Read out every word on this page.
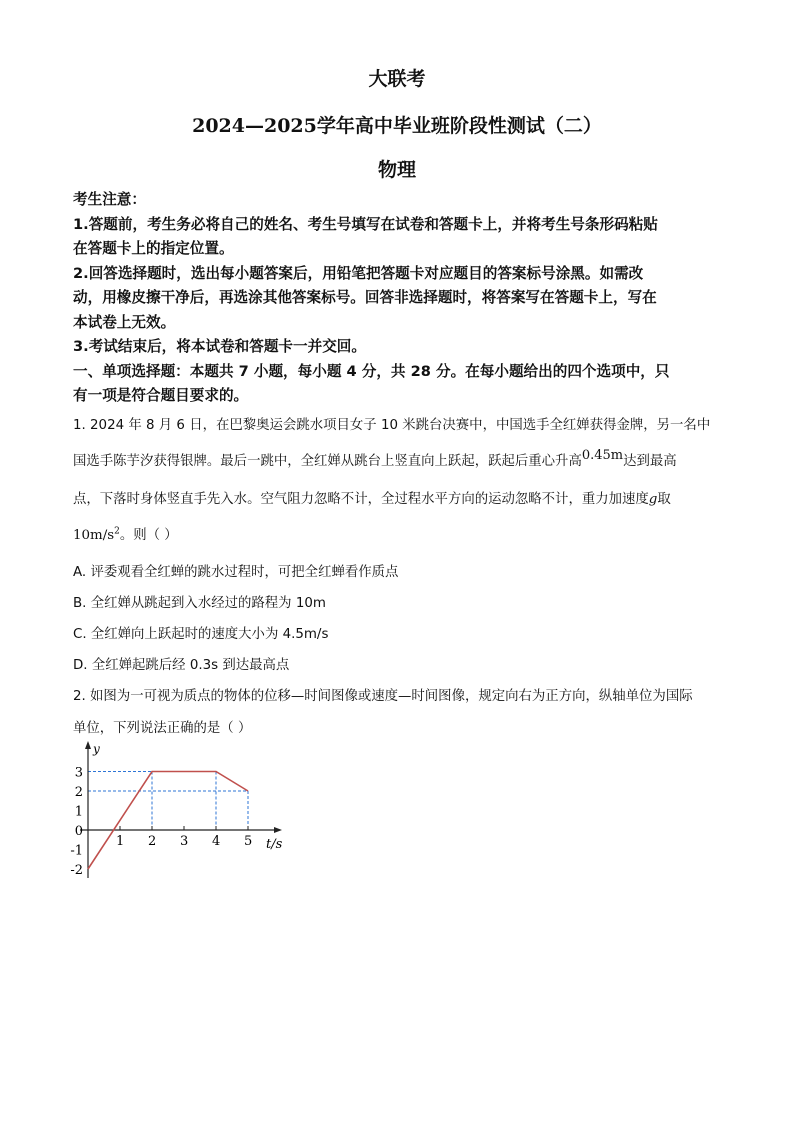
大联考
2024—2025学年高中毕业班阶段性测试（二）
物理
考生注意：
1.答题前，考生务必将自己的姓名、考生号填写在试卷和答题卡上，并将考生号条形码粘贴
在答题卡上的指定位置。
2.回答选择题时，选出每小题答案后，用铅笔把答题卡对应题目的答案标号涂黑。如需改
动，用橡皮擦干净后，再选涂其他答案标号。回答非选择题时，将答案写在答题卡上，写在
本试卷上无效。
3.考试结束后，将本试卷和答题卡一并交回。
一、单项选择题：本题共 7 小题，每小题 4 分，共 28 分。在每小题给出的四个选项中，只
有一项是符合题目要求的。
1. 2024 年 8 月 6 日，在巴黎奥运会跳水项目女子 10 米跳台决赛中，中国选手全红婵获得金牌，另一名中
国选手陈芋汐获得银牌。最后一跳中，全红婵从跳台上竖直向上跃起，跃起后重心升高$^{0.45m}$达到最高
点，下落时身体竖直手先入水。空气阻力忽略不计，全过程水平方向的运动忽略不计，重力加速度g取
$10m/s^2$。则（ ）
A. 评委观看全红蝉的跳水过程时，可把全红蝉看作质点
B. 全红婵从跳起到入水经过的路程为 10m
C. 全红婵向上跃起时的速度大小为 4.5m/s
D. 全红婵起跳后经 0.3s 到达最高点
2. 如图为一可视为质点的物体的位移—时间图像或速度—时间图像，规定向右为正方向，纵轴单位为国际
单位，下列说法正确的是（ ）
y
t/s
1 2 3 4 5
3
2
1
0
-1
-2
